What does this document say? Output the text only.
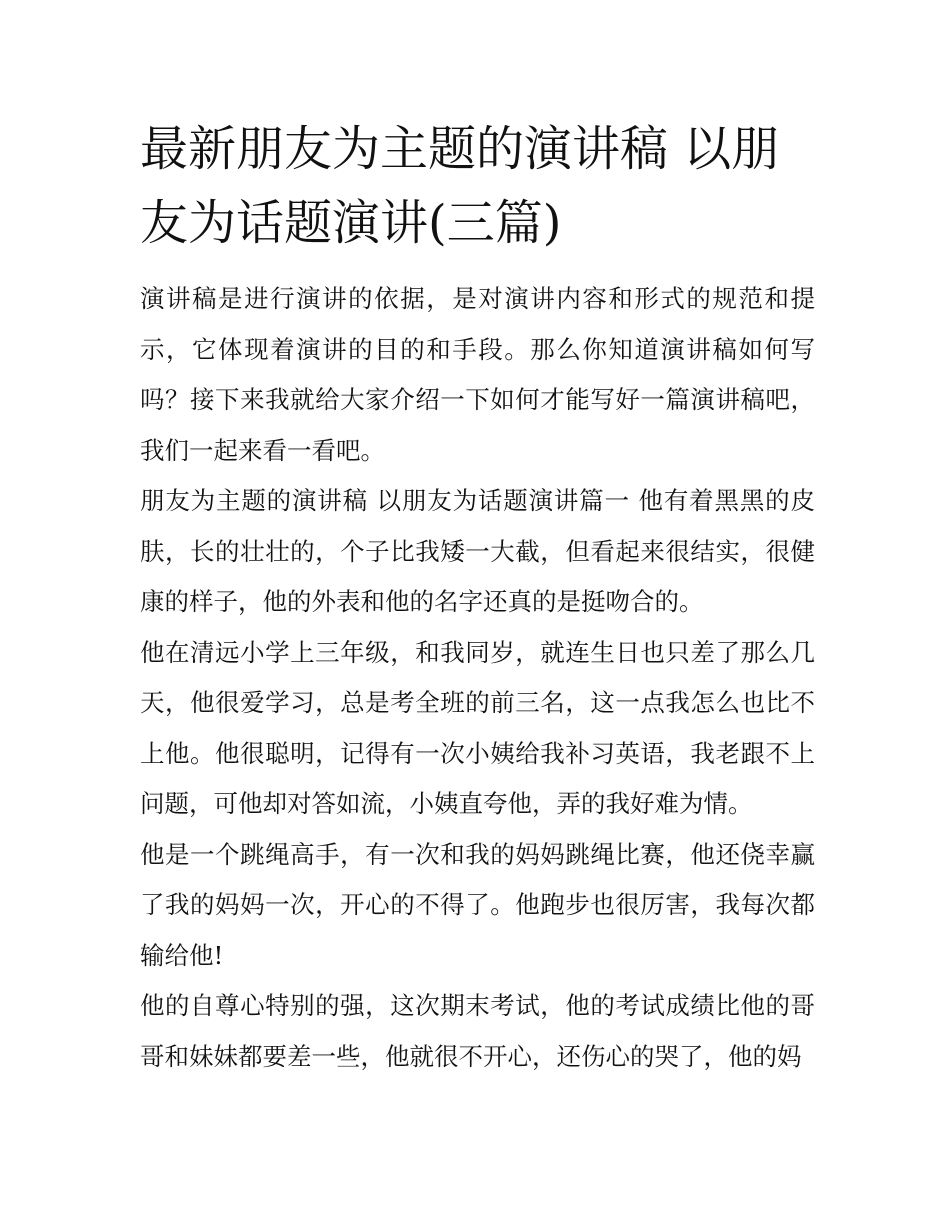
最新朋友为主题的演讲稿 以朋友为话题演讲(三篇)

演讲稿是进行演讲的依据，是对演讲内容和形式的规范和提示，它体现着演讲的目的和手段。那么你知道演讲稿如何写吗？接下来我就给大家介绍一下如何才能写好一篇演讲稿吧，我们一起来看一看吧。

朋友为主题的演讲稿 以朋友为话题演讲篇一 他有着黑黑的皮肤，长的壮壮的，个子比我矮一大截，但看起来很结实，很健康的样子，他的外表和他的名字还真的是挺吻合的。

他在清远小学上三年级，和我同岁，就连生日也只差了那么几天，他很爱学习，总是考全班的前三名，这一点我怎么也比不上他。他很聪明，记得有一次小姨给我补习英语，我老跟不上问题，可他却对答如流，小姨直夸他，弄的我好难为情。

他是一个跳绳高手，有一次和我的妈妈跳绳比赛，他还侥幸赢了我的妈妈一次，开心的不得了。他跑步也很厉害，我每次都输给他!

他的自尊心特别的强，这次期末考试，他的考试成绩比他的哥哥和妹妹都要差一些，他就很不开心，还伤心的哭了，他的妈
